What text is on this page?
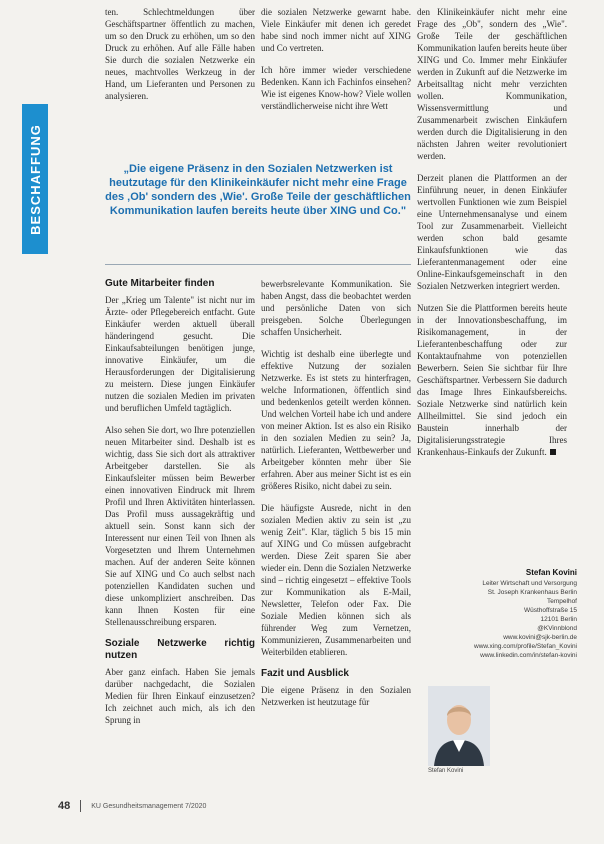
BESCHAFFUNG

ten. Schlechtmeldungen über Geschäftspartner öffentlich zu machen, um so den Druck zu erhöhen, um so den Druck zu erhöhen. Auf alle Fälle haben Sie durch die sozialen Netzwerke ein neues, machtvolles Werkzeug in der Hand, um Lieferanten und Personen zu analysieren.

die sozialen Netzwerke gewarnt habe. Viele Einkäufer mit denen ich geredet habe sind noch immer nicht auf XING und Co vertreten.

Ich höre immer wieder verschiedene Bedenken. Kann ich Fachinfos einsehen? Wie ist eigenes Know-how? Viele wollen verständlicherweise nicht ihre Wett

„Die eigene Präsenz in den Sozialen Netzwerken ist heutzutage für den Klinikeinkäufer nicht mehr eine Frage des ‚Ob' sondern des ‚Wie'. Große Teile der geschäftlichen Kommunikation laufen bereits heute über XING und Co."
Gute Mitarbeiter finden

Der „Krieg um Talente" ist nicht nur im Ärzte- oder Pflegebereich entfacht. Gute Einkäufer werden aktuell überall händeringend gesucht. Die Einkaufsabteilungen benötigen junge, innovative Einkäufer, um die Herausforderungen der Digitalisierung zu meistern. Diese jungen Einkäufer nutzen die sozialen Medien im privaten und beruflichen Umfeld tagtäglich.

Also sehen Sie dort, wo Ihre potenziellen neuen Mitarbeiter sind. Deshalb ist es wichtig, dass Sie sich dort als attraktiver Arbeitgeber darstellen. Sie als Einkaufsleiter müssen beim Bewerber einen innovativen Eindruck mit Ihrem Profil und Ihren Aktivitäten hinterlassen. Das Profil muss aussagekräftig und aktuell sein. Sonst kann sich der Interessent nur einen Teil von Ihnen als Vorgesetzten und Ihrem Unternehmen machen. Auf der anderen Seite können Sie auf XING und Co auch selbst nach potenziellen Kandidaten suchen und diese unkompliziert anschreiben. Das kann Ihnen Kosten für eine Stellenausschreibung ersparen.

Soziale Netzwerke richtig nutzen

Aber ganz einfach. Haben Sie jemals darüber nachgedacht, die Sozialen Medien für Ihren Einkauf einzusetzen? Ich zeichnet auch mich, als ich den Sprung in

bewerbsrelevante Kommunikation. Sie haben Angst, dass die beobachtet werden und persönliche Daten von sich preisgeben. Solche Überlegungen schaffen Unsicherheit.

Wichtig ist deshalb eine überlegte und effektive Nutzung der sozialen Netzwerke. Es ist stets zu hinterfragen, welche Informationen, öffentlich sind und bedenkenlos geteilt werden können. Und welchen Vorteil habe ich und andere von meiner Aktion. Ist es also ein Risiko in den sozialen Medien zu sein? Ja, natürlich. Lieferanten, Wettbewerber und Arbeitgeber könnten mehr über Sie erfahren. Aber aus meiner Sicht ist es ein größeres Risiko, nicht dabei zu sein.

Die häufigste Ausrede, nicht in den sozialen Medien aktiv zu sein ist „zu wenig Zeit". Klar, täglich 5 bis 15 min auf XING und Co müssen aufgebracht werden. Diese Zeit sparen Sie aber wieder ein. Denn die Sozialen Netzwerke sind – richtig eingesetzt – effektive Tools zur Kommunikation als E-Mail, Newsletter, Telefon oder Fax. Die Soziale Medien können sich als führender Weg zum Vernetzen, Kommunizieren, Zusammenarbeiten und Weiterbilden etablieren.

Fazit und Ausblick

Die eigene Präsenz in den Sozialen Netzwerken ist heutzutage für

den Klinikeinkäufer nicht mehr eine Frage des „Ob", sondern des „Wie". Große Teile der geschäftlichen Kommunikation laufen bereits heute über XING und Co. Immer mehr Einkäufer werden in Zukunft auf die Netzwerke im Arbeitsalltag nicht mehr verzichten wollen. Kommunikation, Wissensvermittlung und Zusammenarbeit zwischen Einkäufern werden durch die Digitalisierung in den nächsten Jahren weiter revolutioniert werden.

Derzeit planen die Plattformen an der Einführung neuer, in denen Einkäufer wertvollen Funktionen wie zum Beispiel eine Unternehmensanalyse und einem Tool zur Zusammenarbeit. Vielleicht werden schon bald gesamte Einkaufsfunktionen wie das Lieferantenmanagement oder eine Online-Einkaufsgemeinschaft in den Sozialen Netzwerken integriert werden.

Nutzen Sie die Plattformen bereits heute in der Innovationsbeschaffung, im Risikomanagement, in der Lieferantenbeschaffung oder zur Kontaktaufnahme von potenziellen Bewerbern. Seien Sie sichtbar für Ihre Geschäftspartner. Verbessern Sie dadurch das Image Ihres Einkaufsbereichs. Soziale Netzwerke sind natürlich kein Allheilmittel. Sie sind jedoch ein Baustein innerhalb der Digitalisierungsstrategie Ihres Krankenhaus-Einkaufs der Zukunft.

Stefan Kovini
Leiter Wirtschaft und Versorgung
St. Joseph Krankenhaus Berlin
Tempelhof
Wüsthoffstraße 15
12101 Berlin
@KVinnblond
www.kovini@sjk-berlin.de
www.xing.com/profile/Stefan_Kovini
www.linkedin.com/in/stefan-kovini
Stefan Kovini
48	KU Gesundheitsmanagement 7/2020
